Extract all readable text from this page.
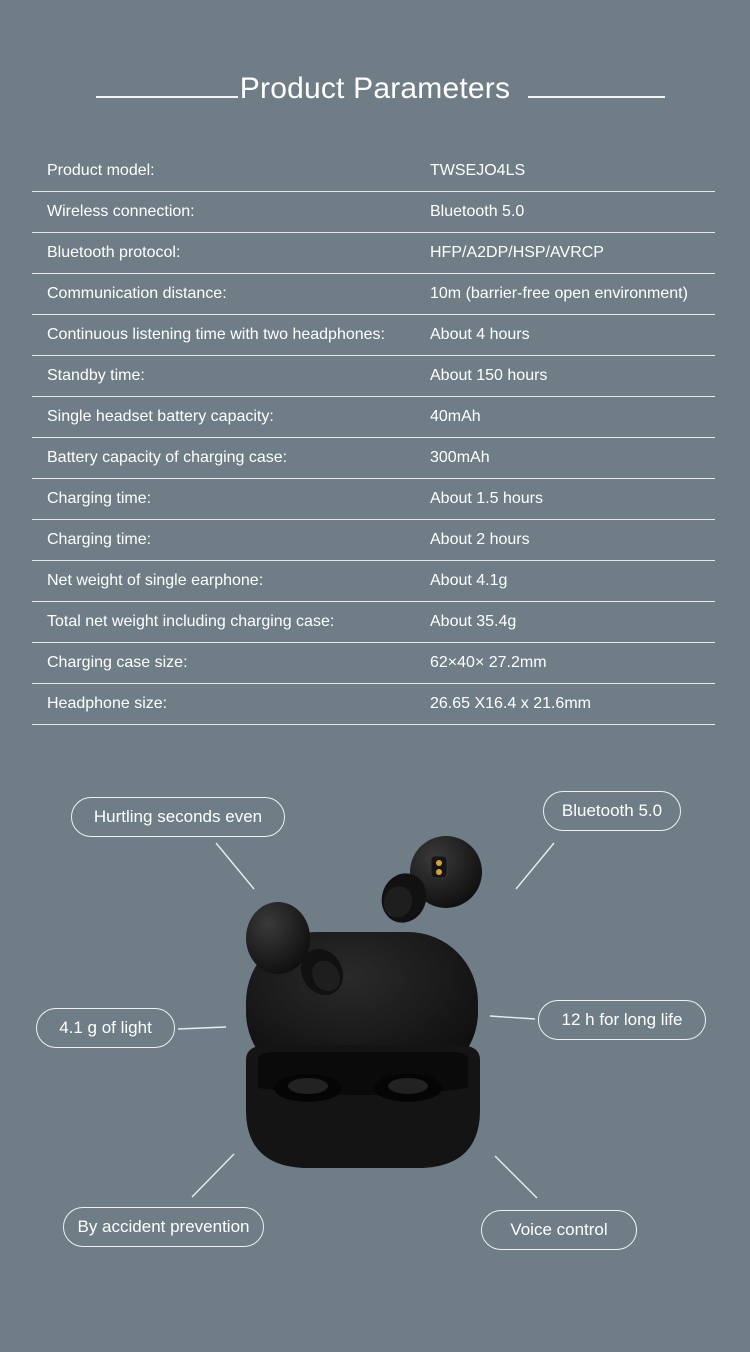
Product Parameters
Product model:	TWSEJO4LS
Wireless connection:	Bluetooth 5.0
Bluetooth protocol:	HFP/A2DP/HSP/AVRCP
Communication distance:	10m (barrier-free open environment)
Continuous listening time with two headphones:	About 4 hours
Standby time:	About 150 hours
Single headset battery capacity:	40mAh
Battery capacity of charging case:	300mAh
Charging time:	About 1.5 hours
Charging time:	About 2 hours
Net weight of single earphone:	About 4.1g
Total net weight including charging case:	About 35.4g
Charging case size:	62×40× 27.2mm
Headphone size:	26.65 X16.4 x 21.6mm
Hurtling seconds even	Bluetooth 5.0
4.1 g of light	12 h for long life
By accident prevention	Voice control
